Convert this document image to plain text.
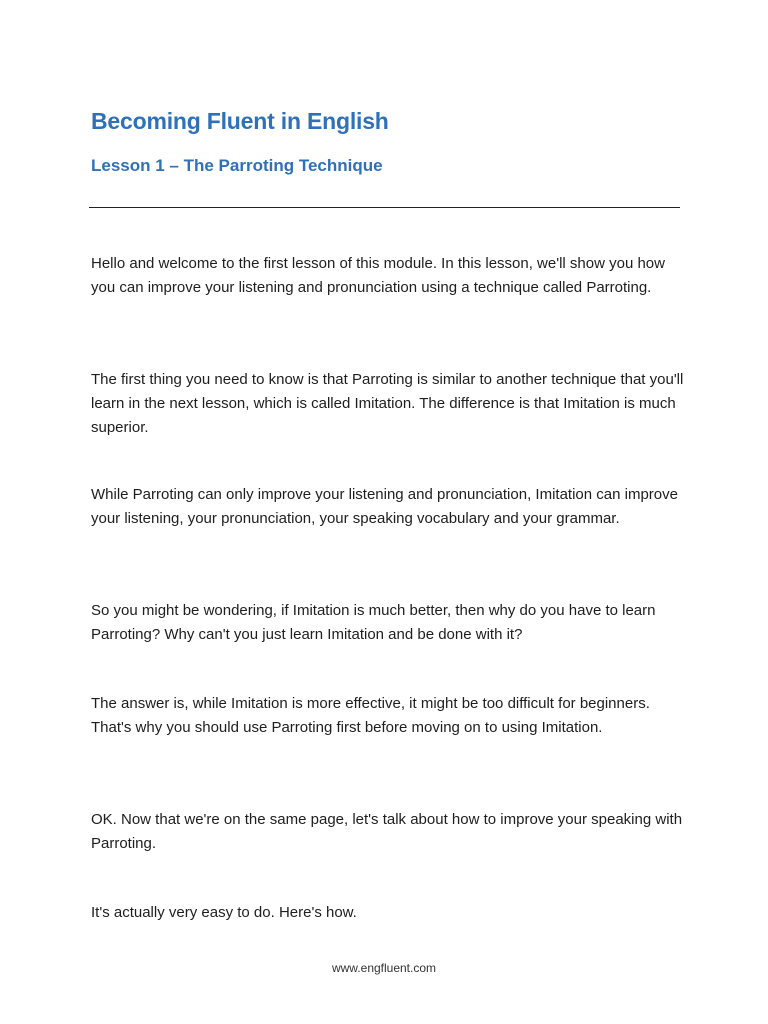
Becoming Fluent in English
Lesson 1 – The Parroting Technique

Hello and welcome to the first lesson of this module. In this lesson, we'll show you how you can improve your listening and pronunciation using a technique called Parroting.

The first thing you need to know is that Parroting is similar to another technique that you'll learn in the next lesson, which is called Imitation. The difference is that Imitation is much superior.

While Parroting can only improve your listening and pronunciation, Imitation can improve your listening, your pronunciation, your speaking vocabulary and your grammar.

So you might be wondering, if Imitation is much better, then why do you have to learn Parroting? Why can't you just learn Imitation and be done with it?

The answer is, while Imitation is more effective, it might be too difficult for beginners. That's why you should use Parroting first before moving on to using Imitation.

OK. Now that we're on the same page, let's talk about how to improve your speaking with Parroting.

It's actually very easy to do. Here's how.

www.engfluent.com
